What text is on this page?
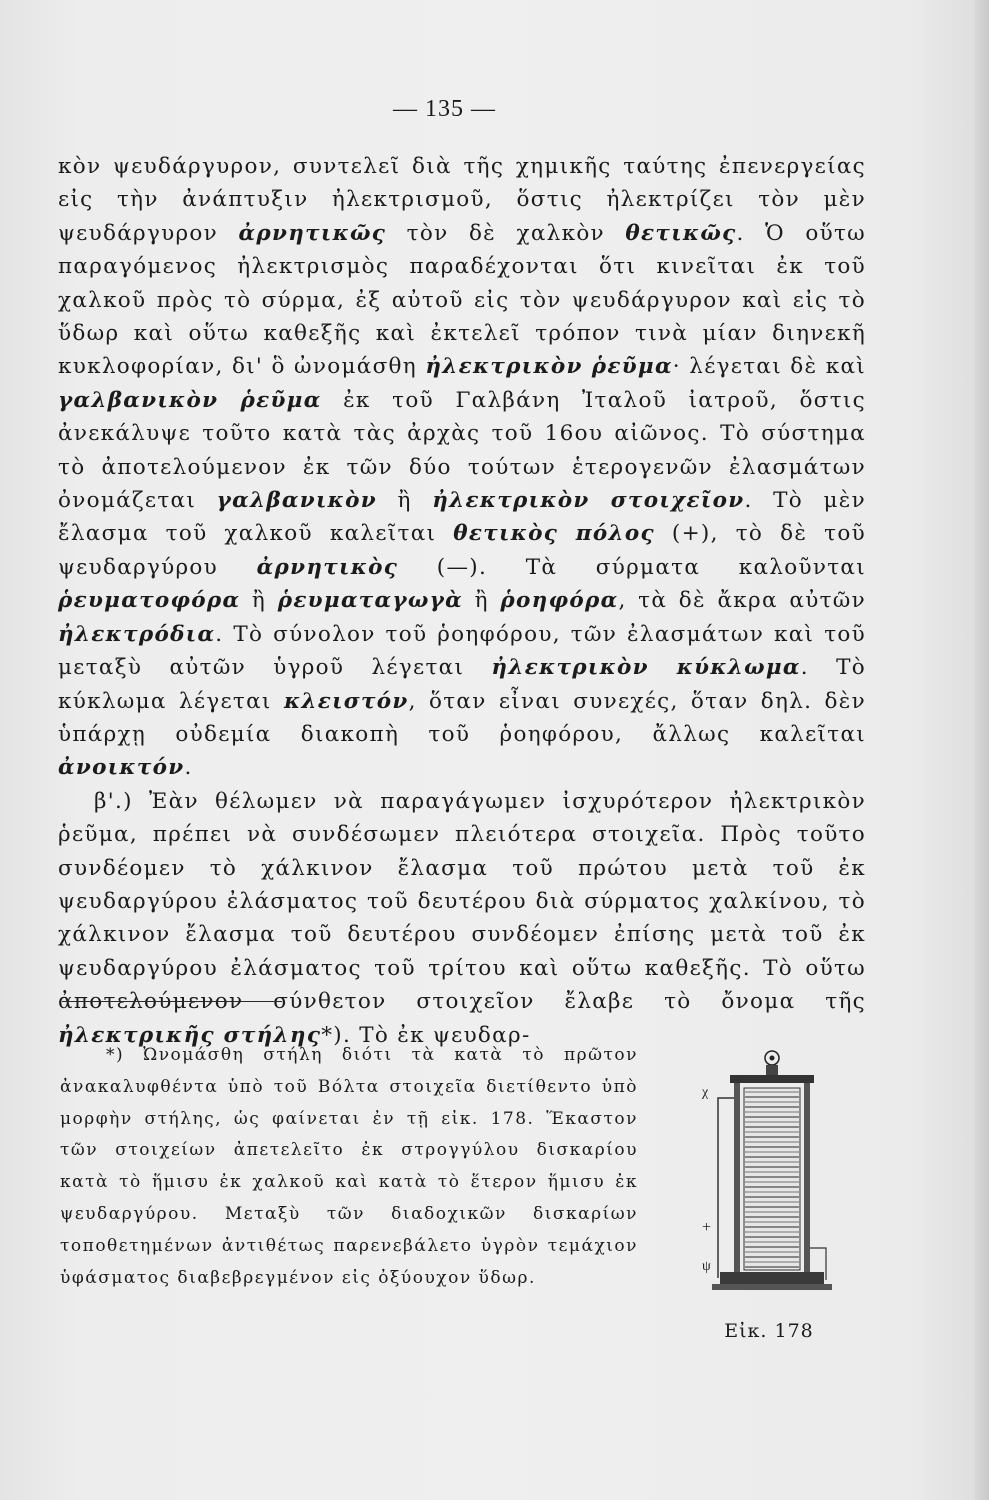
— 135 —

κὸν ψευδάργυρον, συντελεῖ διὰ τῆς χημικῆς ταύτης ἐπενεργείας εἰς τὴν ἀνάπτυξιν ἠλεκτρισμοῦ, ὅστις ἠλεκτρίζει τὸν μὲν ψευδάργυρον ἀρνητικῶς τὸν δὲ χαλκὸν θετικῶς. Ὁ οὕτω παραγόμενος ἠλεκτρισμὸς παραδέχονται ὅτι κινεῖται ἐκ τοῦ χαλκοῦ πρὸς τὸ σύρμα, ἐξ αὐτοῦ εἰς τὸν ψευδάργυρον καὶ εἰς τὸ ὕδωρ καὶ οὕτω καθεξῆς καὶ ἐκτελεῖ τρόπον τινὰ μίαν διηνεκῆ κυκλοφορίαν, δι' ὃ ὠνομάσθη ἠλεκτρικὸν ῥεῦμα· λέγεται δὲ καὶ γαλβανικὸν ῥεῦμα ἐκ τοῦ Γαλβάνη Ἰταλοῦ ἰατροῦ, ὅστις ἀνεκάλυψε τοῦτο κατὰ τὰς ἀρχὰς τοῦ 16ου αἰῶνος. Τὸ σύστημα τὸ ἀποτελούμενον ἐκ τῶν δύο τούτων ἑτερογενῶν ἐλασμάτων ὀνομάζεται γαλβανικὸν ἢ ἠλεκτρικὸν στοιχεῖον. Τὸ μὲν ἔλασμα τοῦ χαλκοῦ καλεῖται θετικὸς πόλος (+), τὸ δὲ τοῦ ψευδαργύρου ἀρνητικὸς (—). Τὰ σύρματα καλοῦνται ῥευματοφόρα ἢ ῥευματαγωγὰ ἢ ῥοηφόρα, τὰ δὲ ἄκρα αὐτῶν ἠλεκτρόδια. Τὸ σύνολον τοῦ ῥοηφόρου, τῶν ἐλασμάτων καὶ τοῦ μεταξὺ αὐτῶν ὑγροῦ λέγεται ἠλεκτρικὸν κύκλωμα. Τὸ κύκλωμα λέγεται κλειστόν, ὅταν εἶναι συνεχές, ὅταν δηλ. δὲν ὑπάρχῃ οὐδεμία διακοπὴ τοῦ ῥοηφόρου, ἄλλως καλεῖται ἀνοικτόν.

β'.) Ἐὰν θέλωμεν νὰ παραγάγωμεν ἰσχυρότερον ἠλεκτρικὸν ῥεῦμα, πρέπει νὰ συνδέσωμεν πλειότερα στοιχεῖα. Πρὸς τοῦτο συνδέομεν τὸ χάλκινον ἔλασμα τοῦ πρώτου μετὰ τοῦ ἐκ ψευδαργύρου ἐλάσματος τοῦ δευτέρου διὰ σύρματος χαλκίνου, τὸ χάλκινον ἔλασμα τοῦ δευτέρου συνδέομεν ἐπίσης μετὰ τοῦ ἐκ ψευδαργύρου ἐλάσματος τοῦ τρίτου καὶ οὕτω καθεξῆς. Τὸ οὕτω ἀποτελούμενον σύνθετον στοιχεῖον ἔλαβε τὸ ὄνομα τῆς ἠλεκτρικῆς στήλης*). Τὸ ἐκ ψευδαρ-

*) Ὠνομάσθη στήλη διότι τὰ κατὰ τὸ πρῶτον ἀνακαλυφθέντα ὑπὸ τοῦ Βόλτα στοιχεῖα διετίθεντο ὑπὸ μορφὴν στήλης, ὡς φαίνεται ἐν τῇ εἰκ. 178. Ἕκαστον τῶν στοιχείων ἀπετελεῖτο ἐκ στρογγύλου δισκαρίου κατὰ τὸ ἥμισυ ἐκ χαλκοῦ καὶ κατὰ τὸ ἕτερον ἥμισυ ἐκ ψευδαργύρου. Μεταξὺ τῶν διαδοχικῶν δισκαρίων τοποθετημένων ἀντιθέτως παρενεβάλετο ὑγρὸν τεμάχιον ὑφάσματος διαβεβρεγμένον εἰς ὀξύουχον ὕδωρ.

χ
+
ψ
Εἰκ. 178
